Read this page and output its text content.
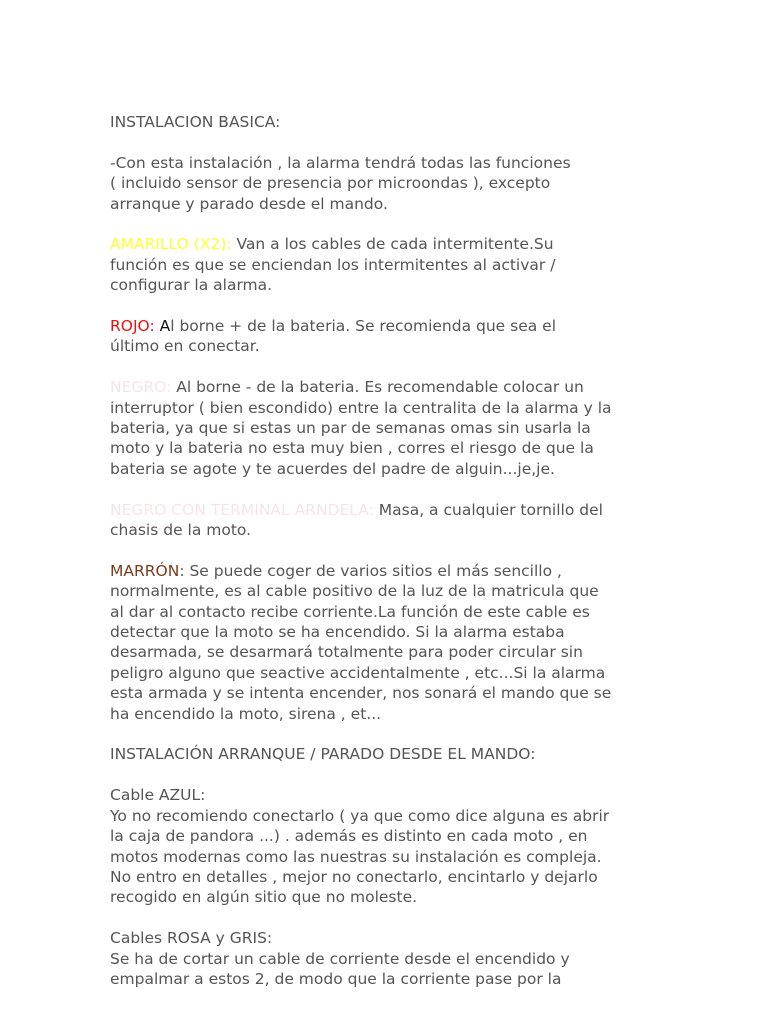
INSTALACION BASICA:
-Con esta instalación , la alarma tendrá todas las funciones
( incluido sensor de presencia por microondas ), excepto
arranque y parado desde el mando.
AMARILLO (X2): Van a los cables de cada intermitente.Su
función es que se enciendan los intermitentes al activar /
configurar la alarma.
ROJO: Al borne + de la bateria. Se recomienda que sea el
último en conectar.
NEGRO: Al borne - de la bateria. Es recomendable colocar un
interruptor ( bien escondido) entre la centralita de la alarma y la
bateria, ya que si estas un par de semanas omas sin usarla la
moto y la bateria no esta muy bien , corres el riesgo de que la
bateria se agote y te acuerdes del padre de alguin...je,je.
NEGRO CON TERMINAL ARNDELA: Masa, a cualquier tornillo del
chasis de la moto.
MARRÓN: Se puede coger de varios sitios el más sencillo ,
normalmente, es al cable positivo de la luz de la matricula que
al dar al contacto recibe corriente.La función de este cable es
detectar que la moto se ha encendido. Si la alarma estaba
desarmada, se desarmará totalmente para poder circular sin
peligro alguno que seactive accidentalmente , etc...Si la alarma
esta armada y se intenta encender, nos sonará el mando que se
ha encendido la moto, sirena , et...
INSTALACIÓN ARRANQUE / PARADO DESDE EL MANDO:
Cable AZUL:
Yo no recomiendo conectarlo ( ya que como dice alguna es abrir
la caja de pandora ...) . además es distinto en cada moto , en
motos modernas como las nuestras su instalación es compleja.
No entro en detalles , mejor no conectarlo, encintarlo y dejarlo
recogido en algún sitio que no moleste.
Cables ROSA y GRIS:
Se ha de cortar un cable de corriente desde el encendido y
empalmar a estos 2, de modo que la corriente pase por la
